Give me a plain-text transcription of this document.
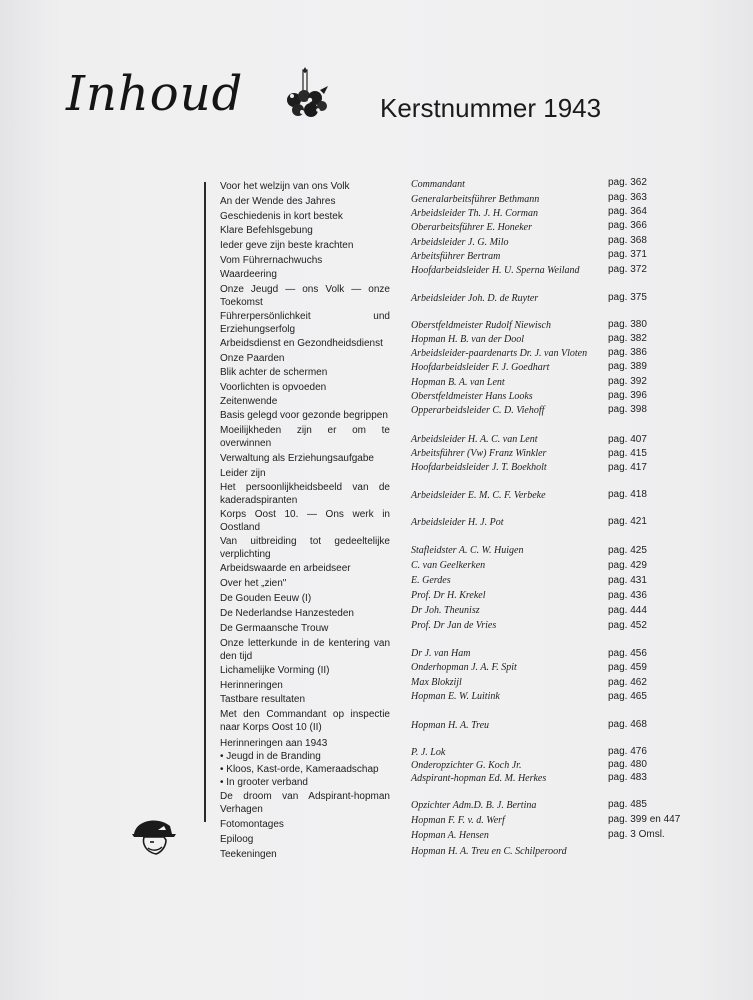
Inhoud	Kerstnummer 1943
Voor het welzijn van ons Volk
An der Wende des Jahres
Geschiedenis in kort bestek
Klare Befehlsgebung
Ieder geve zijn beste krachten
Vom Führernachwuchs
Waardeering
Onze Jeugd — ons Volk — onze Toekomst
Führerpersönlichkeit und Erziehungserfolg
Arbeidsdienst en Gezondheidsdienst
Onze Paarden
Blik achter de schermen
Voorlichten is opvoeden
Zeitenwende
Basis gelegd voor gezonde begrippen
Moeilijkheden zijn er om te overwinnen
Verwaltung als Erziehungsaufgabe
Leider zijn
Het persoonlijkheidsbeeld van de kaderadspiranten
Korps Oost 10. — Ons werk in Oostland
Van uitbreiding tot gedeeltelijke verplichting
Arbeidswaarde en arbeidseer
Over het „zien"
De Gouden Eeuw (I)
De Nederlandse Hanzesteden
De Germaansche Trouw
Onze letterkunde in de kentering van den tijd
Lichamelijke Vorming (II)
Herinneringen
Tastbare resultaten
Met den Commandant op inspectie naar Korps Oost 10 (II)
Herinneringen aan 1943
• Jeugd in de Branding
• Kloos, Kast-orde, Kameraadschap
• In grooter verband
De droom van Adspirant-hopman Verhagen
Fotomontages
Epiloog
Teekeningen
Commandant
Generalarbeitsführer Bethmann
Arbeidsleider Th. J. H. Corman
Oberarbeitsführer E. Honeker
Arbeidsleider J. G. Milo
Arbeitsführer Bertram
Hoofdarbeidsleider H. U. Sperna Weiland
Arbeidsleider Joh. D. de Ruyter
Oberstfeldmeister Rudolf Niewisch
Hopman H. B. van der Dool
Arbeidsleider-paardenarts Dr. J. van Vloten
Hoofdarbeidsleider F. J. Goedhart
Hopman B. A. van Lent
Oberstfeldmeister Hans Looks
Opperarbeidsleider C. D. Viehoff
Arbeidsleider H. A. C. van Lent
Arbeitsführer (Vw) Franz Winkler
Hoofdarbeidsleider J. T. Boekholt
Arbeidsleider E. M. C. F. Verbeke
Arbeidsleider H. J. Pot
Stafleidster A. C. W. Huigen
C. van Geelkerken
E. Gerdes
Prof. Dr H. Krekel
Dr Joh. Theunisz
Prof. Dr Jan de Vries
Dr J. van Ham
Onderhopman J. A. F. Spit
Max Blokzijl
Hopman E. W. Luitink
Hopman H. A. Treu
P. J. Lok
Onderopzichter G. Koch Jr.
Adspirant-hopman Ed. M. Herkes
Opzichter Adm.D. B. J. Bertina
Hopman F. F. v. d. Werf
Hopman A. Hensen
Hopman H. A. Treu en C. Schilperoord
pag. 362
pag. 363
pag. 364
pag. 366
pag. 368
pag. 371
pag. 372
pag. 375
pag. 380
pag. 382
pag. 386
pag. 389
pag. 392
pag. 396
pag. 398
pag. 407
pag. 415
pag. 417
pag. 418
pag. 421
pag. 425
pag. 429
pag. 431
pag. 436
pag. 444
pag. 452
pag. 456
pag. 459
pag. 462
pag. 465
pag. 468
pag. 476
pag. 480
pag. 483
pag. 485
pag. 399 en 447
pag. 3 Omsl.
